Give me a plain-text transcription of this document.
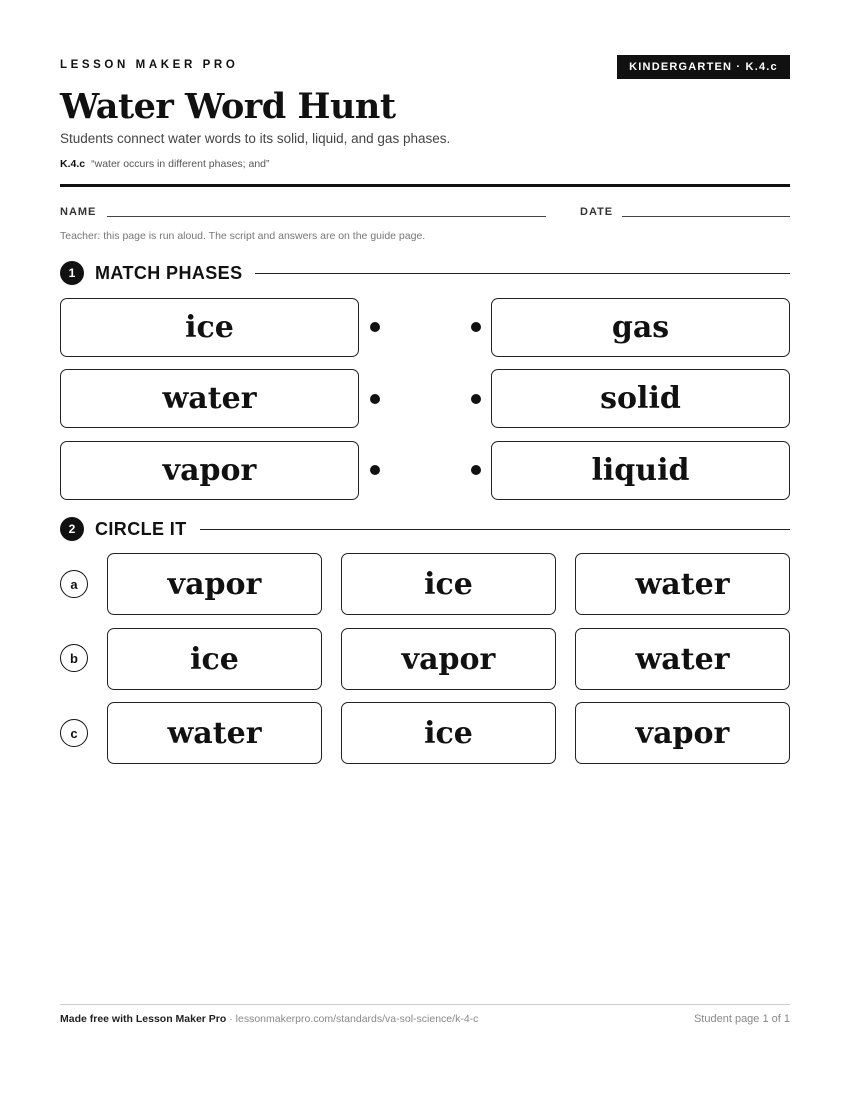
LESSON MAKER PRO	KINDERGARTEN · K.4.c
Water Word Hunt
Students connect water words to its solid, liquid, and gas phases.
K.4.c “water occurs in different phases; and”
NAME	DATE
Teacher: this page is run aloud. The script and answers are on the guide page.
1	MATCH PHASES
ice
water
vapor
gas
solid
liquid
2	CIRCLE IT
a	vapor	ice	water
b	ice	vapor	water
c	water	ice	vapor
Made free with Lesson Maker Pro · lessonmakerpro.com/standards/va-sol-science/k-4-c	Student page 1 of 1
